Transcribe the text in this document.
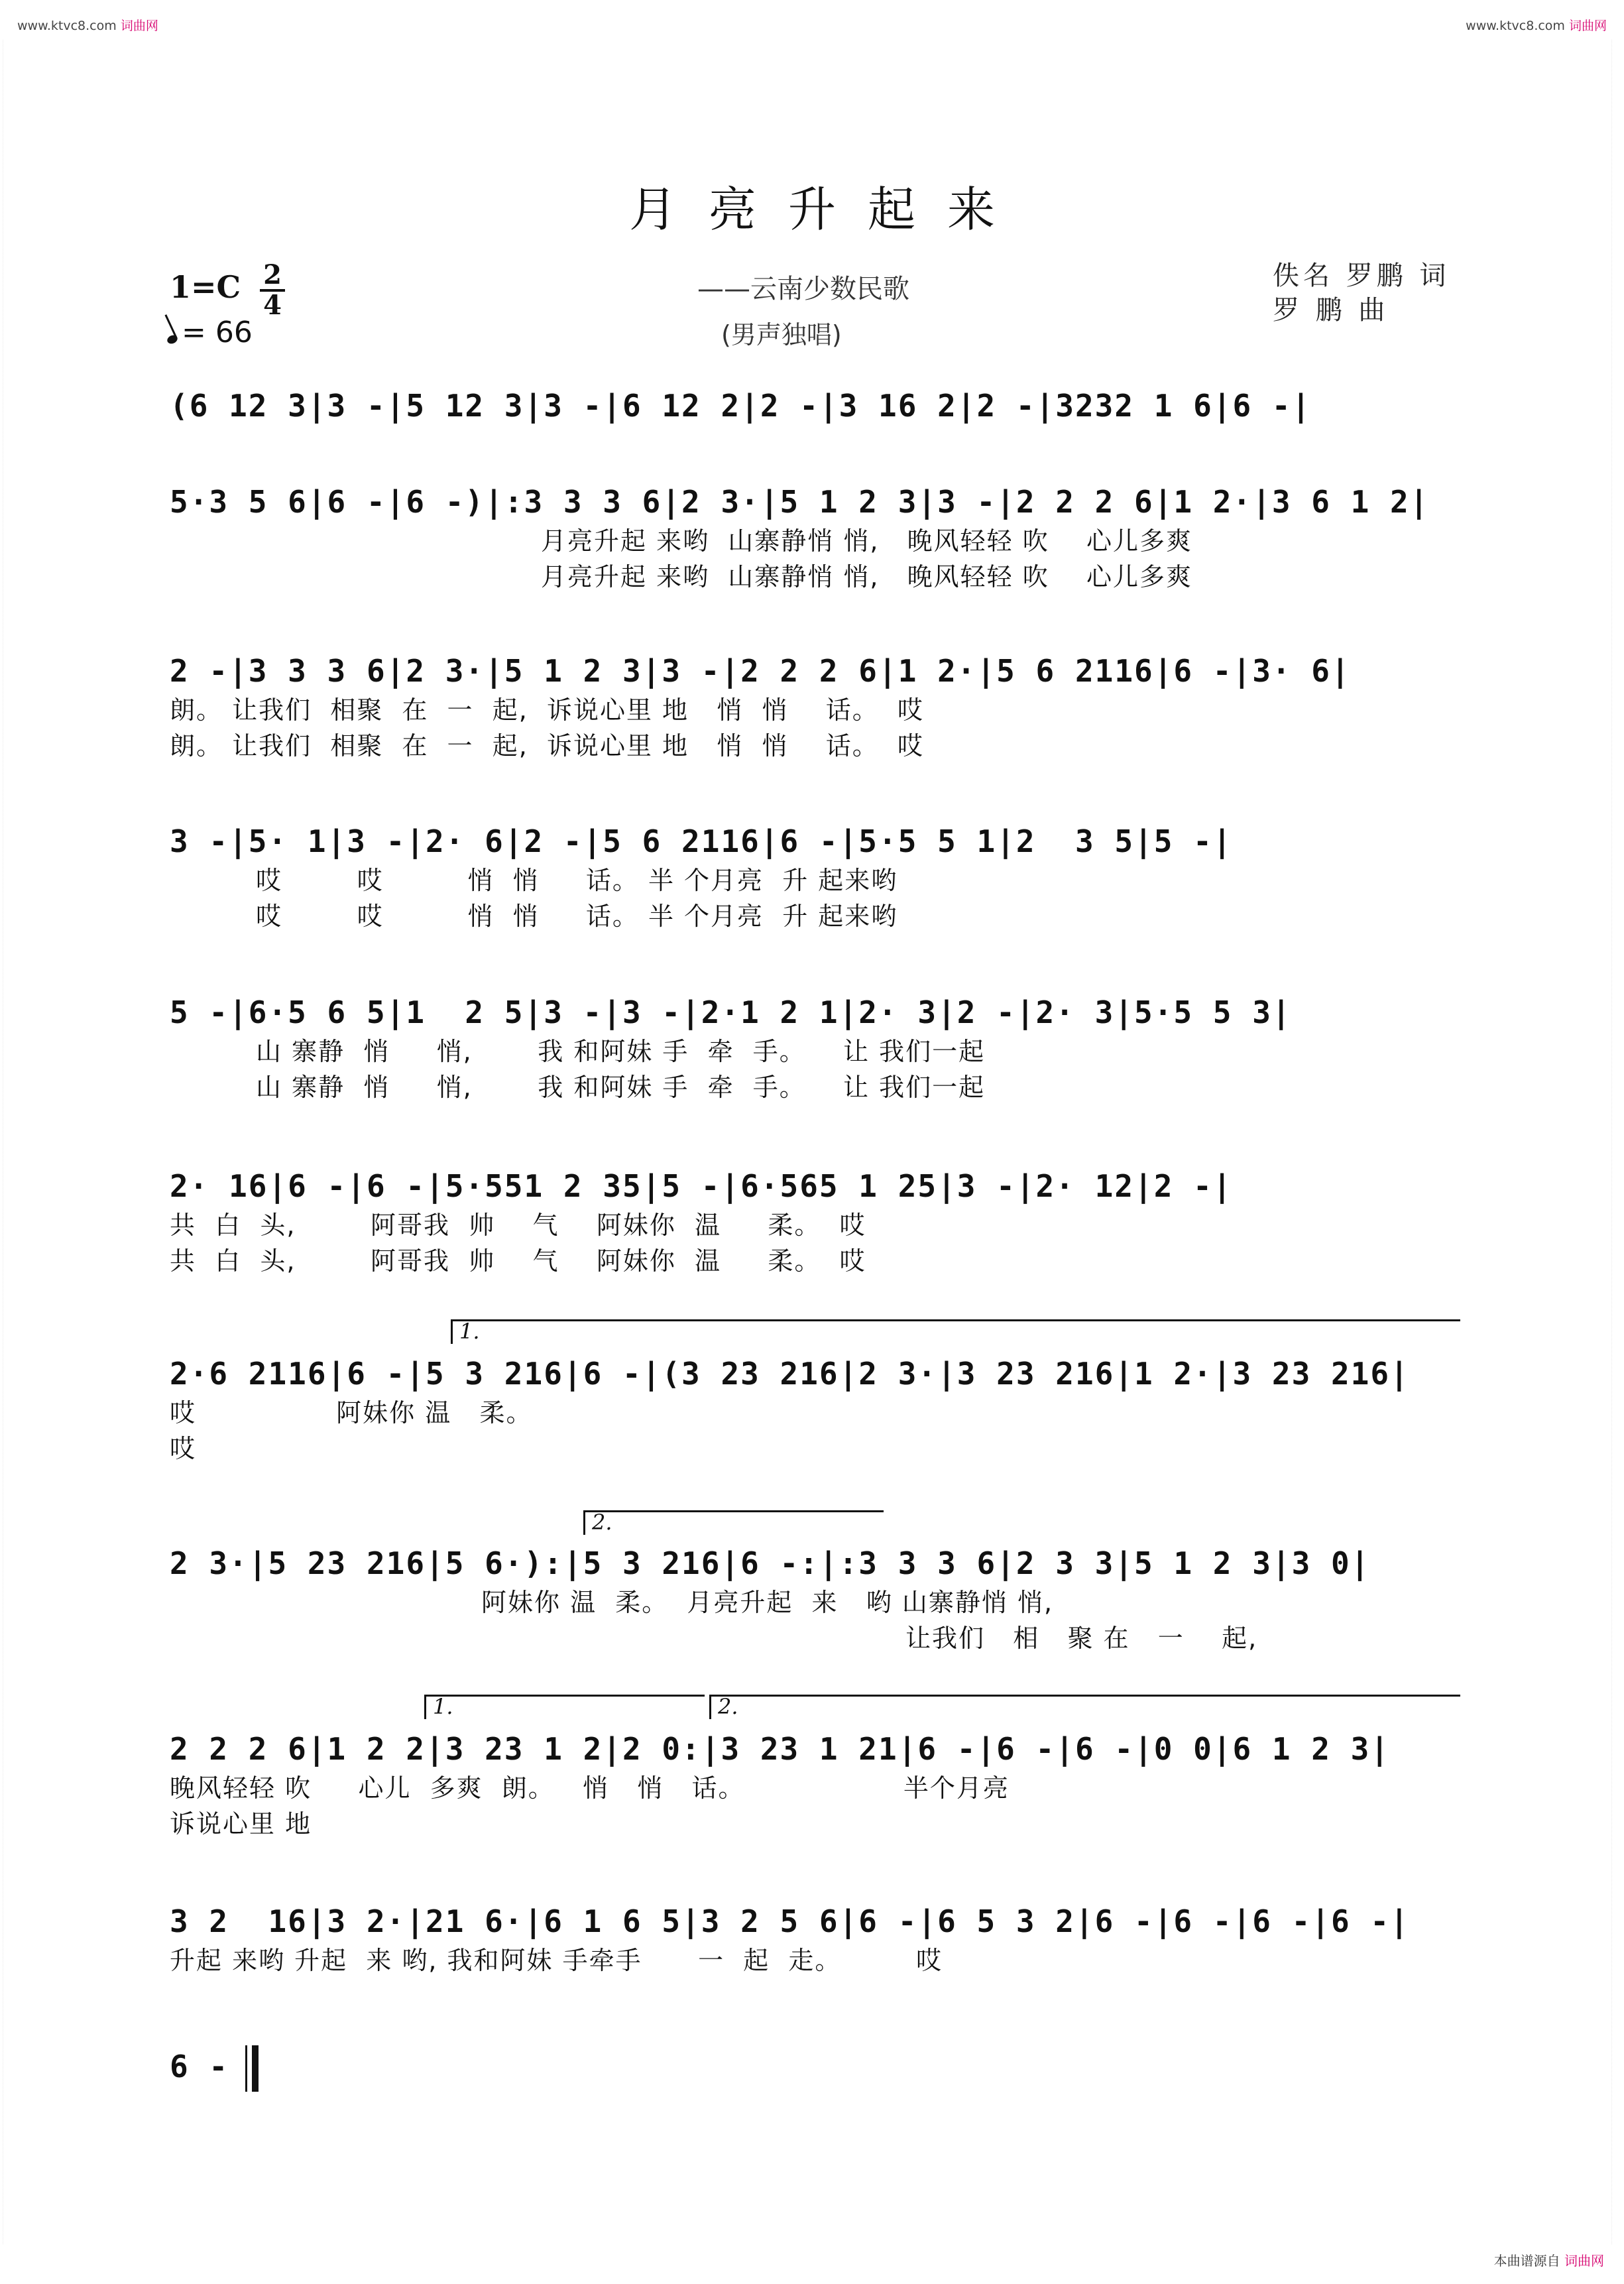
www.ktvc8.com 词曲网	www.ktvc8.com 词曲网
月亮升起来
——云南少数民歌
(男声独唱)
1=C 2
4
= 66
佚名 罗鹏 词
罗 鹏 曲
(6 12 3|3 -|5 12 3|3 -|6 12 2|2 -|3 16 2|2 -|3232 1 6|6 -|
5·3 5 6|6 -|6 -)|:3 3 3 6|2 3·|5 1 2 3|3 -|2 2 2 6|1 2·|3 6 1 2|
月亮升起 来哟  山寨静悄 悄,   晚风轻轻 吹    心儿多爽
月亮升起 来哟  山寨静悄 悄,   晚风轻轻 吹    心儿多爽
2 -|3 3 3 6|2 3·|5 1 2 3|3 -|2 2 2 6|1 2·|5 6 2116|6 -|3· 6|
朗。 让我们  相聚  在  一  起,  诉说心里 地   悄  悄    话。  哎
朗。 让我们  相聚  在  一  起,  诉说心里 地   悄  悄    话。  哎
3 -|5· 1|3 -|2· 6|2 -|5 6 2116|6 -|5·5 5 1|2  3 5|5 -|
哎        哎         悄  悄     话。 半 个月亮  升 起来哟
哎        哎         悄  悄     话。 半 个月亮  升 起来哟
5 -|6·5 6 5|1  2 5|3 -|3 -|2·1 2 1|2· 3|2 -|2· 3|5·5 5 3|
山 寨静  悄     悄,       我 和阿妹 手  牵  手。    让 我们一起
山 寨静  悄     悄,       我 和阿妹 手  牵  手。    让 我们一起
2· 16|6 -|6 -|5·551 2 35|5 -|6·565 1 25|3 -|2· 12|2 -|
共  白  头,        阿哥我  帅    气    阿妹你  温     柔。  哎
共  白  头,        阿哥我  帅    气    阿妹你  温     柔。  哎
1.
2·6 2116|6 -|5 3 216|6 -|(3 23 216|2 3·|3 23 216|1 2·|3 23 216|
哎               阿妹你 温   柔。
哎
2.
2 3·|5 23 216|5 6·):|5 3 216|6 -:|:3 3 3 6|2 3 3|5 1 2 3|3 0|
阿妹你 温  柔。  月亮升起  来   哟 山寨静悄 悄,
让我们   相   聚 在   一    起,
1.	2.
2 2 2 6|1 2 2|3 23 1 2|2 0:|3 23 1 21|6 -|6 -|6 -|0 0|6 1 2 3|
晚风轻轻 吹     心儿  多爽  朗。   悄   悄   话。                 半个月亮
诉说心里 地
3 2  16|3 2·|21 6·|6 1 6 5|3 2 5 6|6 -|6 5 3 2|6 -|6 -|6 -|6 -|
升起 来哟 升起  来 哟, 我和阿妹 手牵手      一  起  走。        哎
6 -
本曲谱源自 词曲网
